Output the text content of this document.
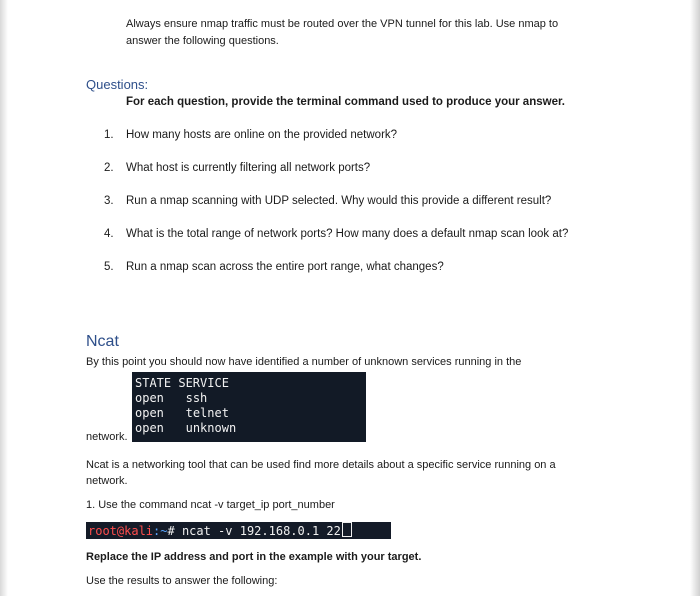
Always ensure nmap traffic must be routed over the VPN tunnel for this lab. Use nmap to answer the following questions.
Questions:
For each question, provide the terminal command used to produce your answer.
1.	How many hosts are online on the provided network?
2.	What host is currently filtering all network ports?
3.	Run a nmap scanning with UDP selected. Why would this provide a different result?
4.	What is the total range of network ports? How many does a default nmap scan look at?
5.	Run a nmap scan across the entire port range, what changes?
Ncat
By this point you should now have identified a number of unknown services running in the
STATE SERVICE
open ssh
open telnet
open unknown
network.
Ncat is a networking tool that can be used find more details about a specific service running on a network.
1. Use the command ncat -v target_ip port_number
root@kali:~# ncat -v 192.168.0.1 22
Replace the IP address and port in the example with your target.
Use the results to answer the following:
